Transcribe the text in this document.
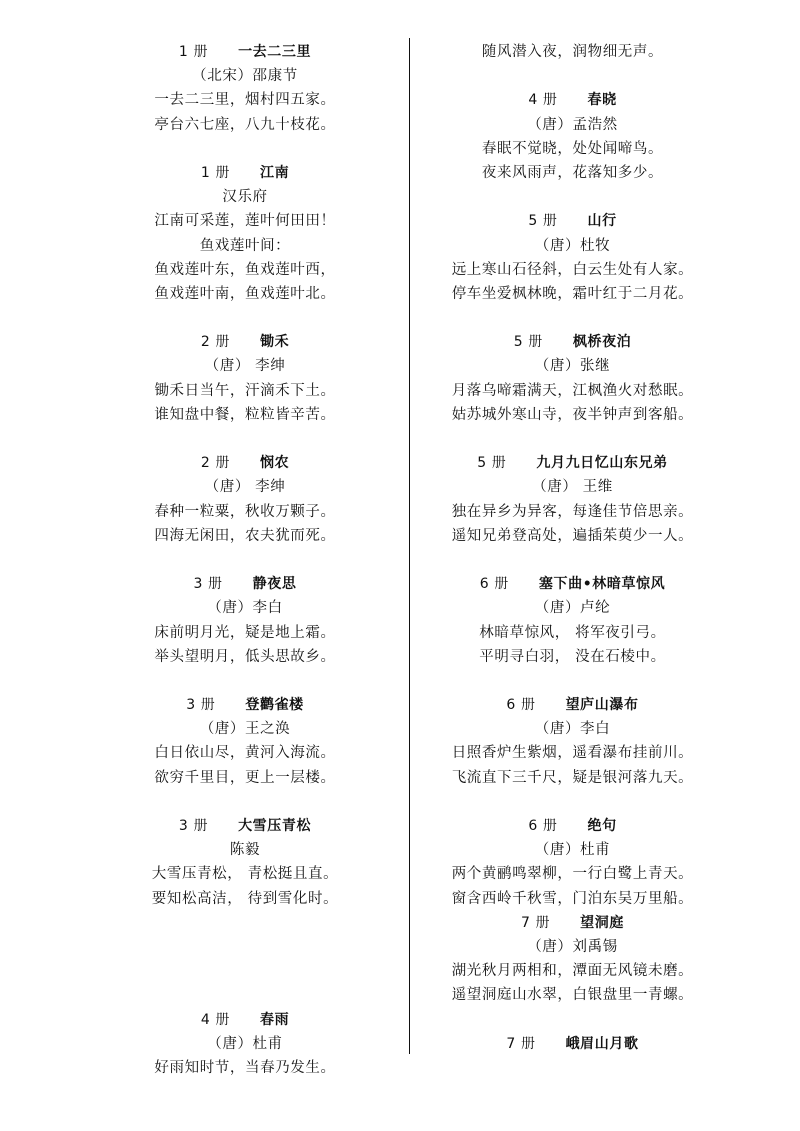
1 册 一去二三里
（北宋）邵康节
一去二三里，烟村四五家。
亭台六七座，八九十枝花。
1 册 江南
汉乐府
江南可采莲，莲叶何田田！
鱼戏莲叶间：
鱼戏莲叶东，鱼戏莲叶西，
鱼戏莲叶南，鱼戏莲叶北。
2 册 锄禾
（唐） 李绅
锄禾日当午，汗滴禾下土。
谁知盘中餐，粒粒皆辛苦。
2 册 悯农
（唐） 李绅
春种一粒粟，秋收万颗子。
四海无闲田，农夫犹而死。
3 册 静夜思
（唐）李白
床前明月光，疑是地上霜。
举头望明月，低头思故乡。
3 册 登鹳雀楼
（唐）王之涣
白日依山尽，黄河入海流。
欲穷千里目，更上一层楼。
3 册 大雪压青松
陈毅
大雪压青松， 青松挺且直。
要知松高洁， 待到雪化时。
4 册 春雨
（唐）杜甫
好雨知时节，当春乃发生。
随风潜入夜，润物细无声。
4 册 春晓
（唐）孟浩然
春眠不觉晓，处处闻啼鸟。
夜来风雨声，花落知多少。
5 册 山行
（唐）杜牧
远上寒山石径斜，白云生处有人家。
停车坐爱枫林晚，霜叶红于二月花。
5 册 枫桥夜泊
（唐）张继
月落乌啼霜满天，江枫渔火对愁眠。
姑苏城外寒山寺，夜半钟声到客船。
5 册 九月九日忆山东兄弟
（唐） 王维
独在异乡为异客，每逢佳节倍思亲。
遥知兄弟登高处，遍插茱萸少一人。
6 册 塞下曲•林暗草惊风
（唐）卢纶
林暗草惊风， 将军夜引弓。
平明寻白羽， 没在石棱中。
6 册 望庐山瀑布
（唐）李白
日照香炉生紫烟，遥看瀑布挂前川。
飞流直下三千尺，疑是银河落九天。
6 册 绝句
（唐）杜甫
两个黄鹂鸣翠柳，一行白鹭上青天。
窗含西岭千秋雪，门泊东吴万里船。
7 册 望洞庭
（唐）刘禹锡
湖光秋月两相和，潭面无风镜未磨。
遥望洞庭山水翠，白银盘里一青螺。
7 册 峨眉山月歌
